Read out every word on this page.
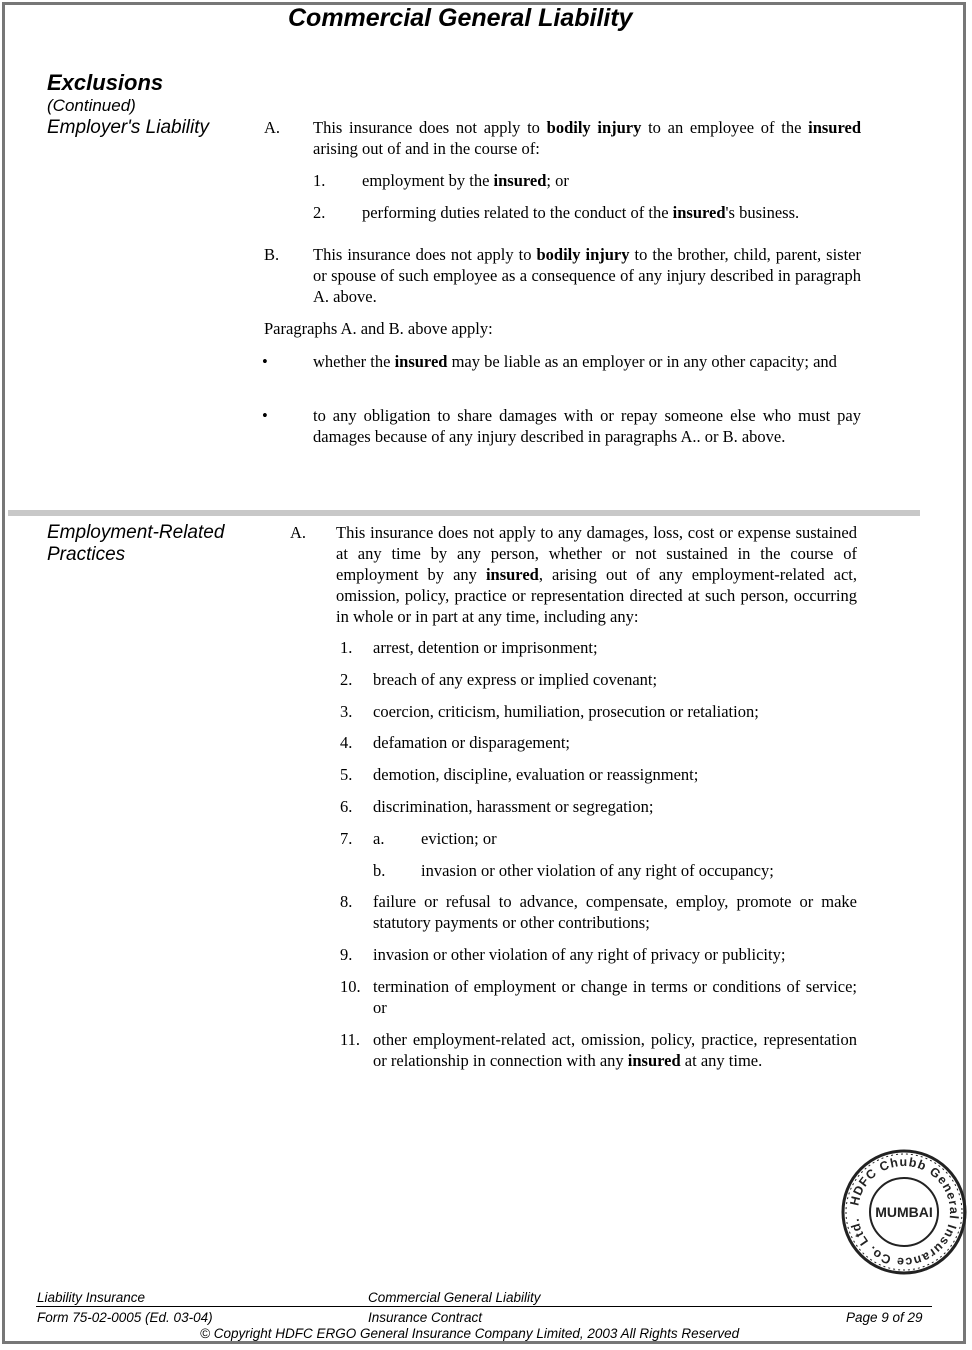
Commercial General Liability
Exclusions
(Continued)
Employer's Liability	A. This insurance does not apply to bodily injury to an employee of the insured arising out of and in the course of:
1. employment by the insured; or
2. performing duties related to the conduct of the insured's business.
B. This insurance does not apply to bodily injury to the brother, child, parent, sister or spouse of such employee as a consequence of any injury described in paragraph A. above.
Paragraphs A. and B. above apply:
•	whether the insured may be liable as an employer or in any other capacity; and
•	to any obligation to share damages with or repay someone else who must pay damages because of any injury described in paragraphs A.. or B. above.
Employment-Related
Practices
A. This insurance does not apply to any damages, loss, cost or expense sustained at any time by any person, whether or not sustained in the course of employment by any insured, arising out of any employment-related act, omission, policy, practice or representation directed at such person, occurring in whole or in part at any time, including any:
1. arrest, detention or imprisonment;
2. breach of any express or implied covenant;
3. coercion, criticism, humiliation, prosecution or retaliation;
4. defamation or disparagement;
5. demotion, discipline, evaluation or reassignment;
6. discrimination, harassment or segregation;
7. a. eviction; or
b. invasion or other violation of any right of occupancy;
8. failure or refusal to advance, compensate, employ, promote or make statutory payments or other contributions;
9. invasion or other violation of any right of privacy or publicity;
10. termination of employment or change in terms or conditions of service; or
11. other employment-related act, omission, policy, practice, representation or relationship in connection with any insured at any time.
HDFC Chubb General Insurance Co. Ltd.
MUMBAI
Liability Insurance	Commercial General Liability
Form 75-02-0005 (Ed. 03-04)	Insurance Contract	Page 9 of 29
© Copyright HDFC ERGO General Insurance Company Limited, 2003 All Rights Reserved
